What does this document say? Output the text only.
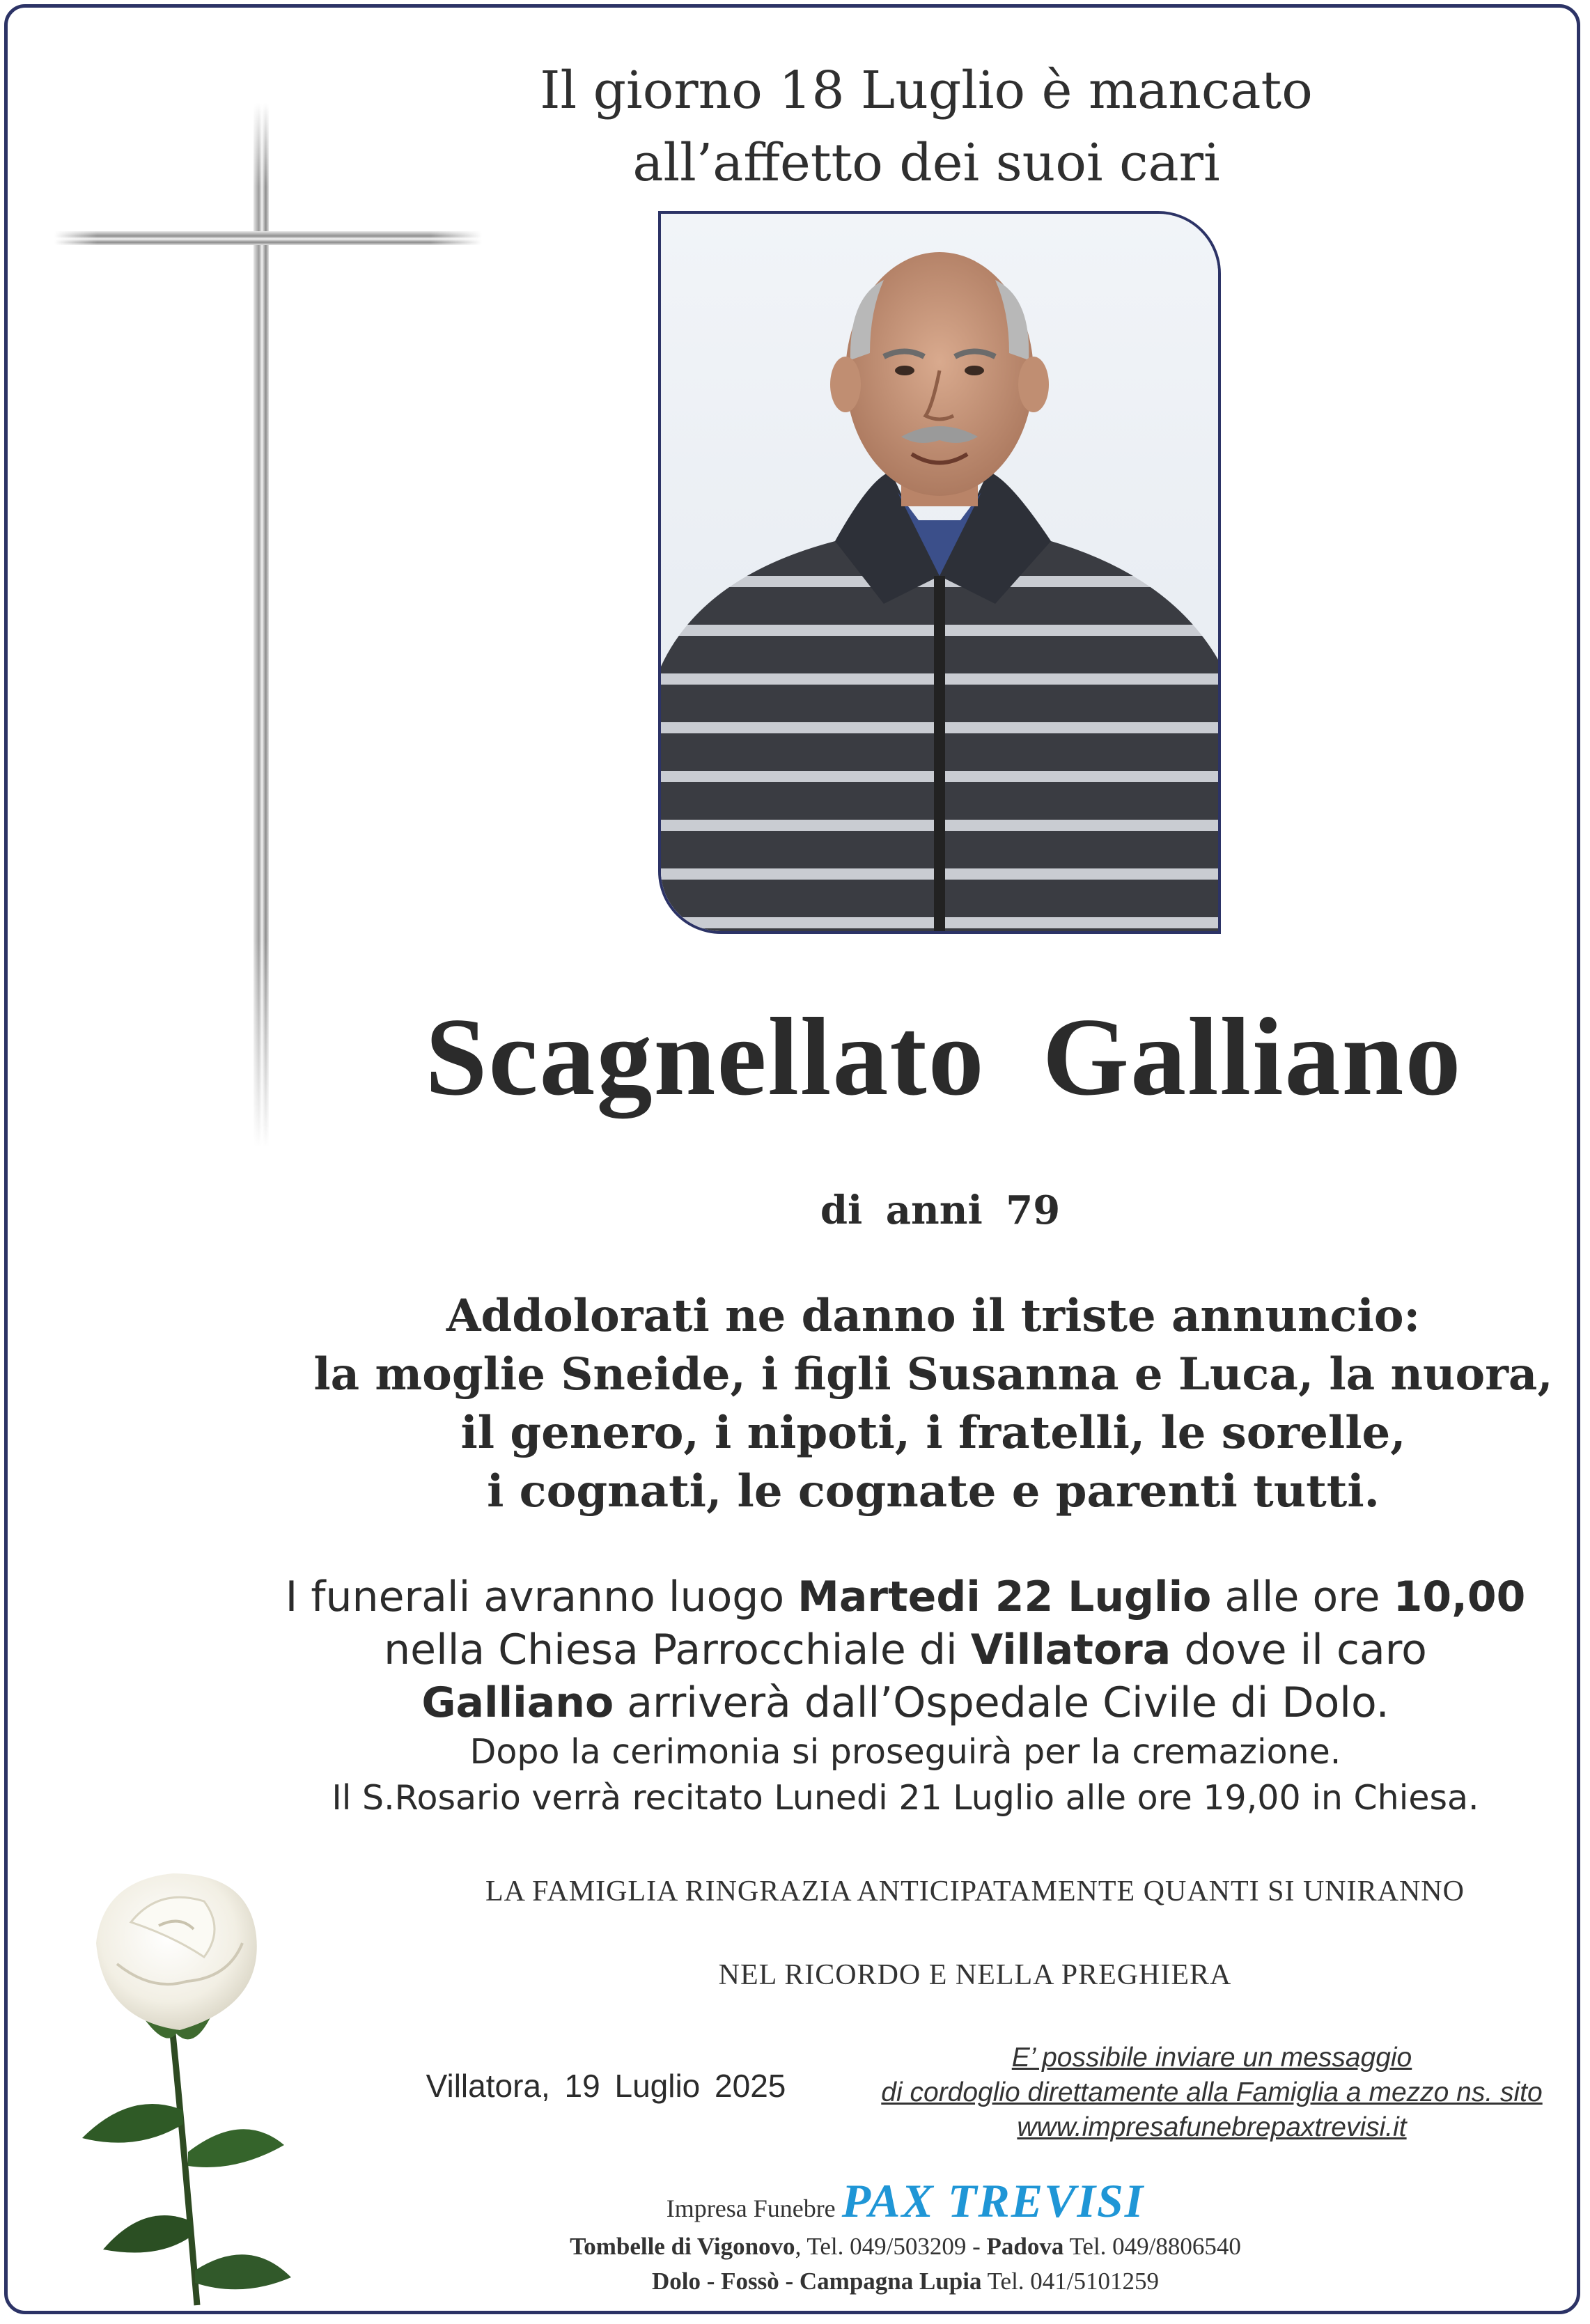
Il giorno 18 Luglio è mancato
all’affetto dei suoi cari
Scagnellato Galliano
di anni 79
Addolorati ne danno il triste annuncio:
la moglie Sneide, i figli Susanna e Luca, la nuora,
il genero, i nipoti, i fratelli, le sorelle,
i cognati, le cognate e parenti tutti.
I funerali avranno luogo Martedi 22 Luglio alle ore 10,00
nella Chiesa Parrocchiale di Villatora dove il caro
Galliano arriverà dall’Ospedale Civile di Dolo.
Dopo la cerimonia si proseguirà per la cremazione.
Il S.Rosario verrà recitato Lunedi 21 Luglio alle ore 19,00 in Chiesa.
LA FAMIGLIA RINGRAZIA ANTICIPATAMENTE QUANTI SI UNIRANNO
NEL RICORDO E NELLA PREGHIERA
Villatora, 19 Luglio 2025
E’ possibile inviare un messaggio
di cordoglio direttamente alla Famiglia a mezzo ns. sito
www.impresafunebrepaxtrevisi.it
Impresa Funebre PAX TREVISI
Tombelle di Vigonovo, Tel. 049/503209 - Padova Tel. 049/8806540
Dolo - Fossò - Campagna Lupia Tel. 041/5101259
